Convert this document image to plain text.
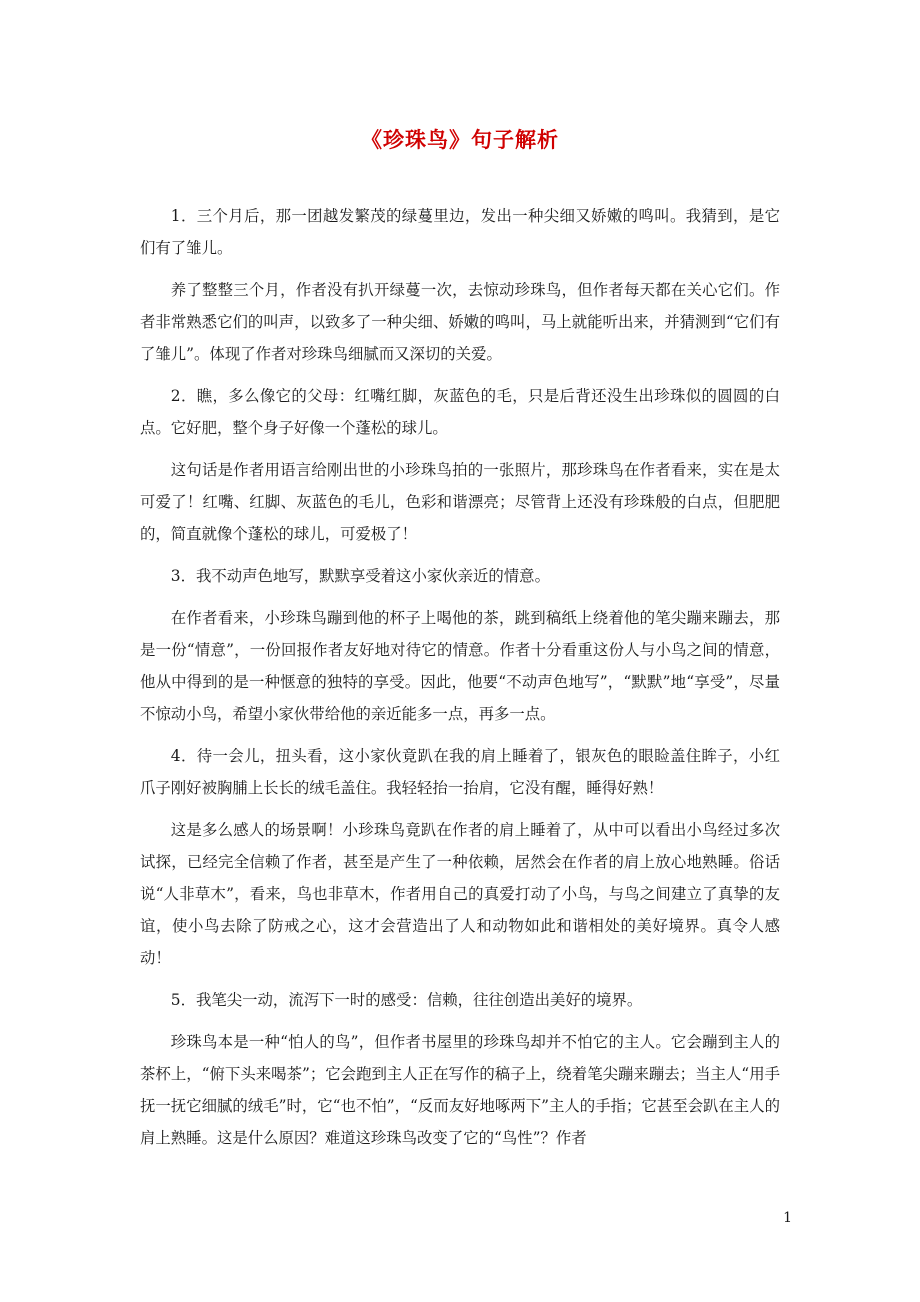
《珍珠鸟》句子解析

1．三个月后，那一团越发繁茂的绿蔓里边，发出一种尖细又娇嫩的鸣叫。我猜到，是它们有了雏儿。

养了整整三个月，作者没有扒开绿蔓一次，去惊动珍珠鸟，但作者每天都在关心它们。作者非常熟悉它们的叫声，以致多了一种尖细、娇嫩的鸣叫，马上就能听出来，并猜测到“它们有了雏儿”。体现了作者对珍珠鸟细腻而又深切的关爱。

2．瞧，多么像它的父母：红嘴红脚，灰蓝色的毛，只是后背还没生出珍珠似的圆圆的白点。它好肥，整个身子好像一个蓬松的球儿。

这句话是作者用语言给刚出世的小珍珠鸟拍的一张照片，那珍珠鸟在作者看来，实在是太可爱了！红嘴、红脚、灰蓝色的毛儿，色彩和谐漂亮；尽管背上还没有珍珠般的白点，但肥肥的，简直就像个蓬松的球儿，可爱极了！

3．我不动声色地写，默默享受着这小家伙亲近的情意。

在作者看来，小珍珠鸟蹦到他的杯子上喝他的茶，跳到稿纸上绕着他的笔尖蹦来蹦去，那是一份“情意”，一份回报作者友好地对待它的情意。作者十分看重这份人与小鸟之间的情意，他从中得到的是一种惬意的独特的享受。因此，他要“不动声色地写”，“默默”地“享受”，尽量不惊动小鸟，希望小家伙带给他的亲近能多一点，再多一点。

4．待一会儿，扭头看，这小家伙竟趴在我的肩上睡着了，银灰色的眼睑盖住眸子，小红爪子刚好被胸脯上长长的绒毛盖住。我轻轻抬一抬肩，它没有醒，睡得好熟！

这是多么感人的场景啊！小珍珠鸟竟趴在作者的肩上睡着了，从中可以看出小鸟经过多次试探，已经完全信赖了作者，甚至是产生了一种依赖，居然会在作者的肩上放心地熟睡。俗话说“人非草木”，看来，鸟也非草木，作者用自己的真爱打动了小鸟，与鸟之间建立了真挚的友谊，使小鸟去除了防戒之心，这才会营造出了人和动物如此和谐相处的美好境界。真令人感动！

5．我笔尖一动，流泻下一时的感受：信赖，往往创造出美好的境界。

珍珠鸟本是一种“怕人的鸟”，但作者书屋里的珍珠鸟却并不怕它的主人。它会蹦到主人的茶杯上，“俯下头来喝茶”；它会跑到主人正在写作的稿子上，绕着笔尖蹦来蹦去；当主人“用手抚一抚它细腻的绒毛”时，它“也不怕”，“反而友好地啄两下”主人的手指；它甚至会趴在主人的肩上熟睡。这是什么原因？难道这珍珠鸟改变了它的“鸟性”？作者

1
